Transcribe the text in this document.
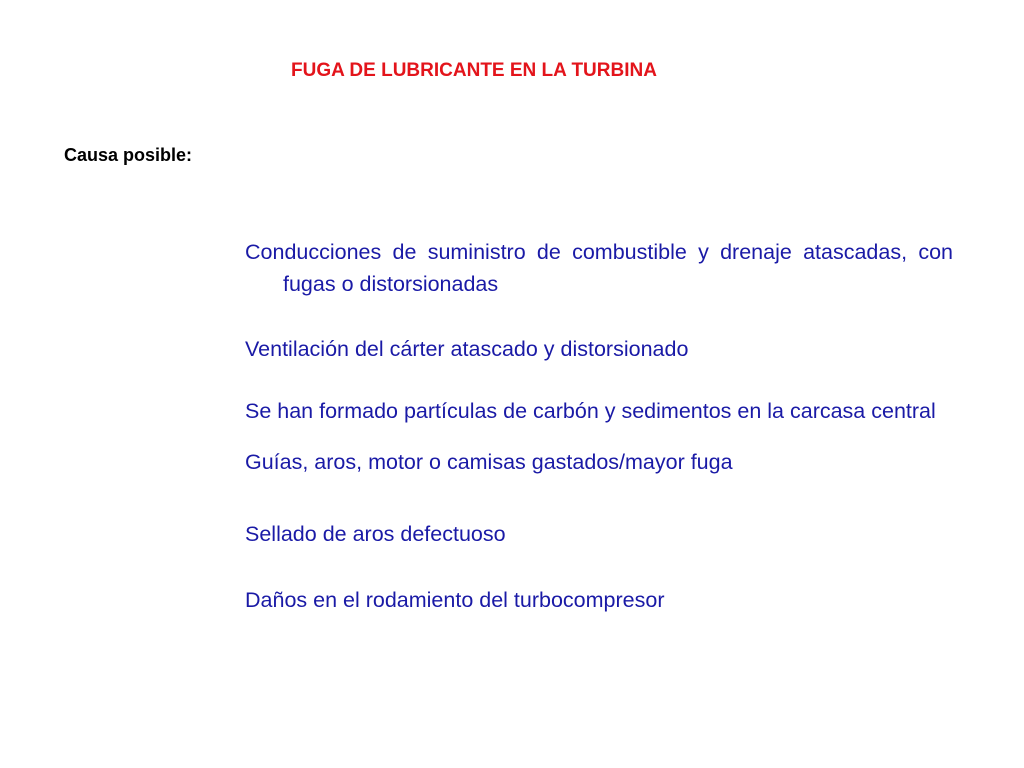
FUGA DE LUBRICANTE EN LA TURBINA
Causa posible:
Conducciones de suministro de combustible y drenaje atascadas, con fugas o distorsionadas
Ventilación del cárter atascado y distorsionado
Se han formado partículas de carbón y sedimentos en la carcasa central
Guías, aros, motor o camisas gastados/mayor fuga
Sellado de aros defectuoso
Daños en el rodamiento del turbocompresor
